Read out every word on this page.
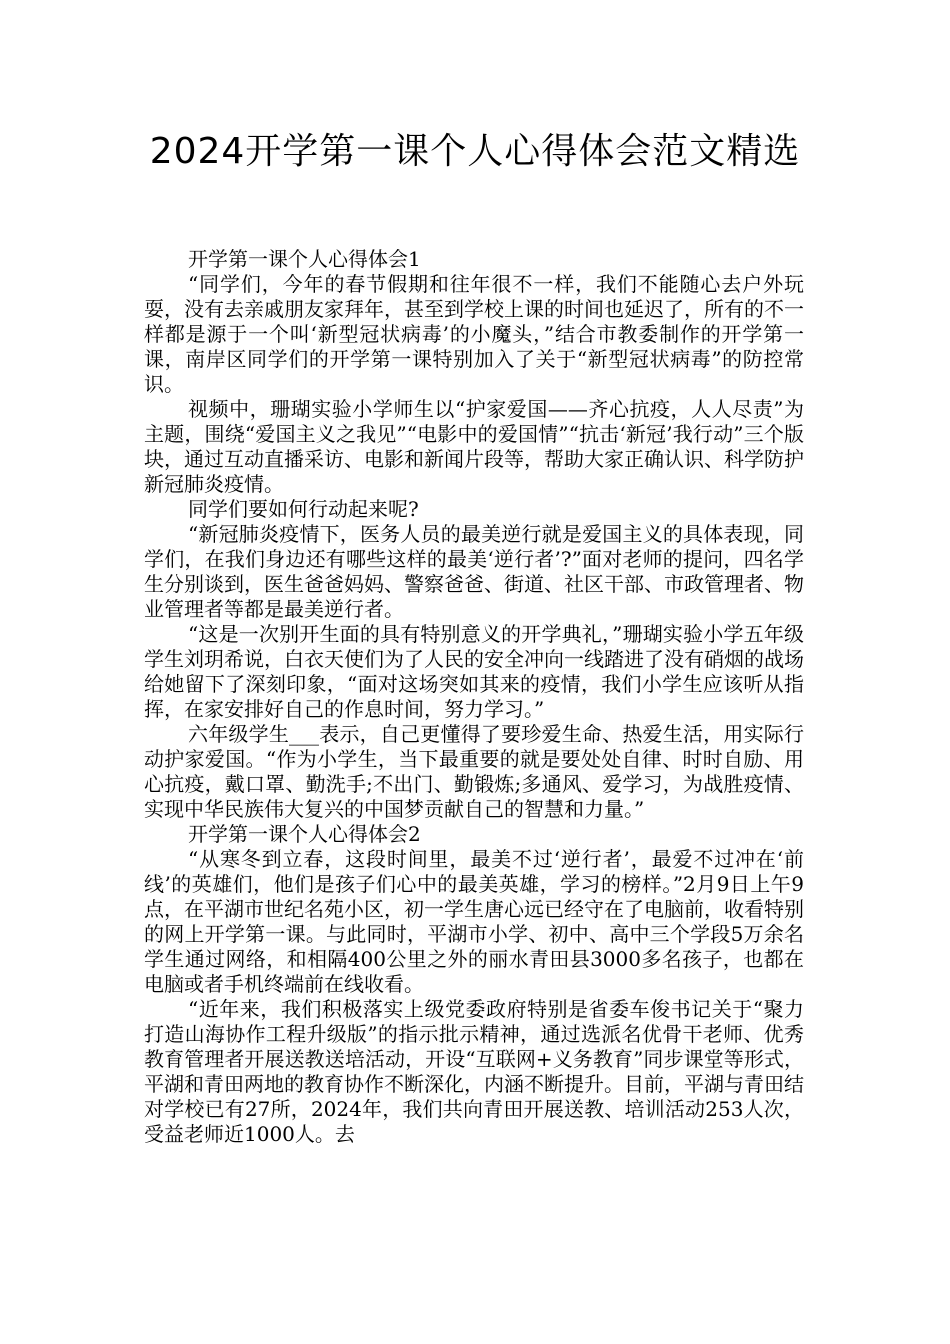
2024开学第一课个人心得体会范文精选

开学第一课个人心得体会1

“同学们，今年的春节假期和往年很不一样，我们不能随心去户外玩耍，没有去亲戚朋友家拜年，甚至到学校上课的时间也延迟了，所有的不一样都是源于一个叫‘新型冠状病毒’的小魔头，”结合市教委制作的开学第一课，南岸区同学们的开学第一课特别加入了关于“新型冠状病毒”的防控常识。

视频中，珊瑚实验小学师生以“护家爱国——齐心抗疫，人人尽责”为主题，围绕“爱国主义之我见”“电影中的爱国情”“抗击‘新冠’我行动”三个版块，通过互动直播采访、电影和新闻片段等，帮助大家正确认识、科学防护新冠肺炎疫情。

同学们要如何行动起来呢?

“新冠肺炎疫情下，医务人员的最美逆行就是爱国主义的具体表现，同学们，在我们身边还有哪些这样的最美‘逆行者’?”面对老师的提问，四名学生分别谈到，医生爸爸妈妈、警察爸爸、街道、社区干部、市政管理者、物业管理者等都是最美逆行者。

“这是一次别开生面的具有特别意义的开学典礼，”珊瑚实验小学五年级学生刘玥希说，白衣天使们为了人民的安全冲向一线踏进了没有硝烟的战场给她留下了深刻印象，“面对这场突如其来的疫情，我们小学生应该听从指挥，在家安排好自己的作息时间，努力学习。”

六年级学生___表示，自己更懂得了要珍爱生命、热爱生活，用实际行动护家爱国。“作为小学生，当下最重要的就是要处处自律、时时自励、用心抗疫，戴口罩、勤洗手;不出门、勤锻炼;多通风、爱学习，为战胜疫情、实现中华民族伟大复兴的中国梦贡献自己的智慧和力量。”

开学第一课个人心得体会2

“从寒冬到立春，这段时间里，最美不过‘逆行者’，最爱不过冲在‘前线’的英雄们，他们是孩子们心中的最美英雄，学习的榜样。”2月9日上午9点，在平湖市世纪名苑小区，初一学生唐心远已经守在了电脑前，收看特别的网上开学第一课。与此同时，平湖市小学、初中、高中三个学段5万余名学生通过网络，和相隔400公里之外的丽水青田县3000多名孩子，也都在电脑或者手机终端前在线收看。

“近年来，我们积极落实上级党委政府特别是省委车俊书记关于“聚力打造山海协作工程升级版”的指示批示精神，通过选派名优骨干老师、优秀教育管理者开展送教送培活动，开设“互联网+义务教育”同步课堂等形式，平湖和青田两地的教育协作不断深化，内涵不断提升。目前，平湖与青田结对学校已有27所，2024年，我们共向青田开展送教、培训活动253人次，受益老师近1000人。去
